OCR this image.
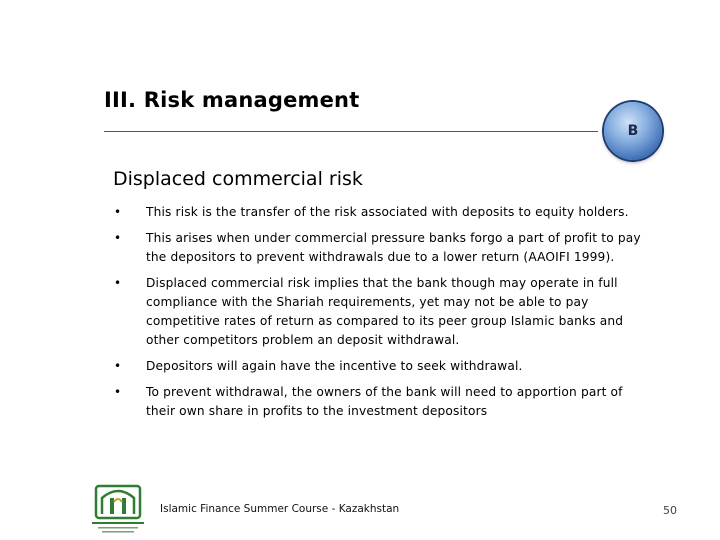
III. Risk management
B
Displaced commercial risk
• This risk is the transfer of the risk associated with deposits to equity holders.
• This arises when under commercial pressure banks forgo a part of profit to pay the depositors to prevent withdrawals due to a lower return (AAOIFI 1999).
• Displaced commercial risk implies that the bank though may operate in full compliance with the Shariah requirements, yet may not be able to pay competitive rates of return as compared to its peer group Islamic banks and other competitors problem an deposit withdrawal.
• Depositors will again have the incentive to seek withdrawal.
• To prevent withdrawal, the owners of the bank will need to apportion part of their own share in profits to the investment depositors
Islamic Finance Summer Course - Kazakhstan	50
